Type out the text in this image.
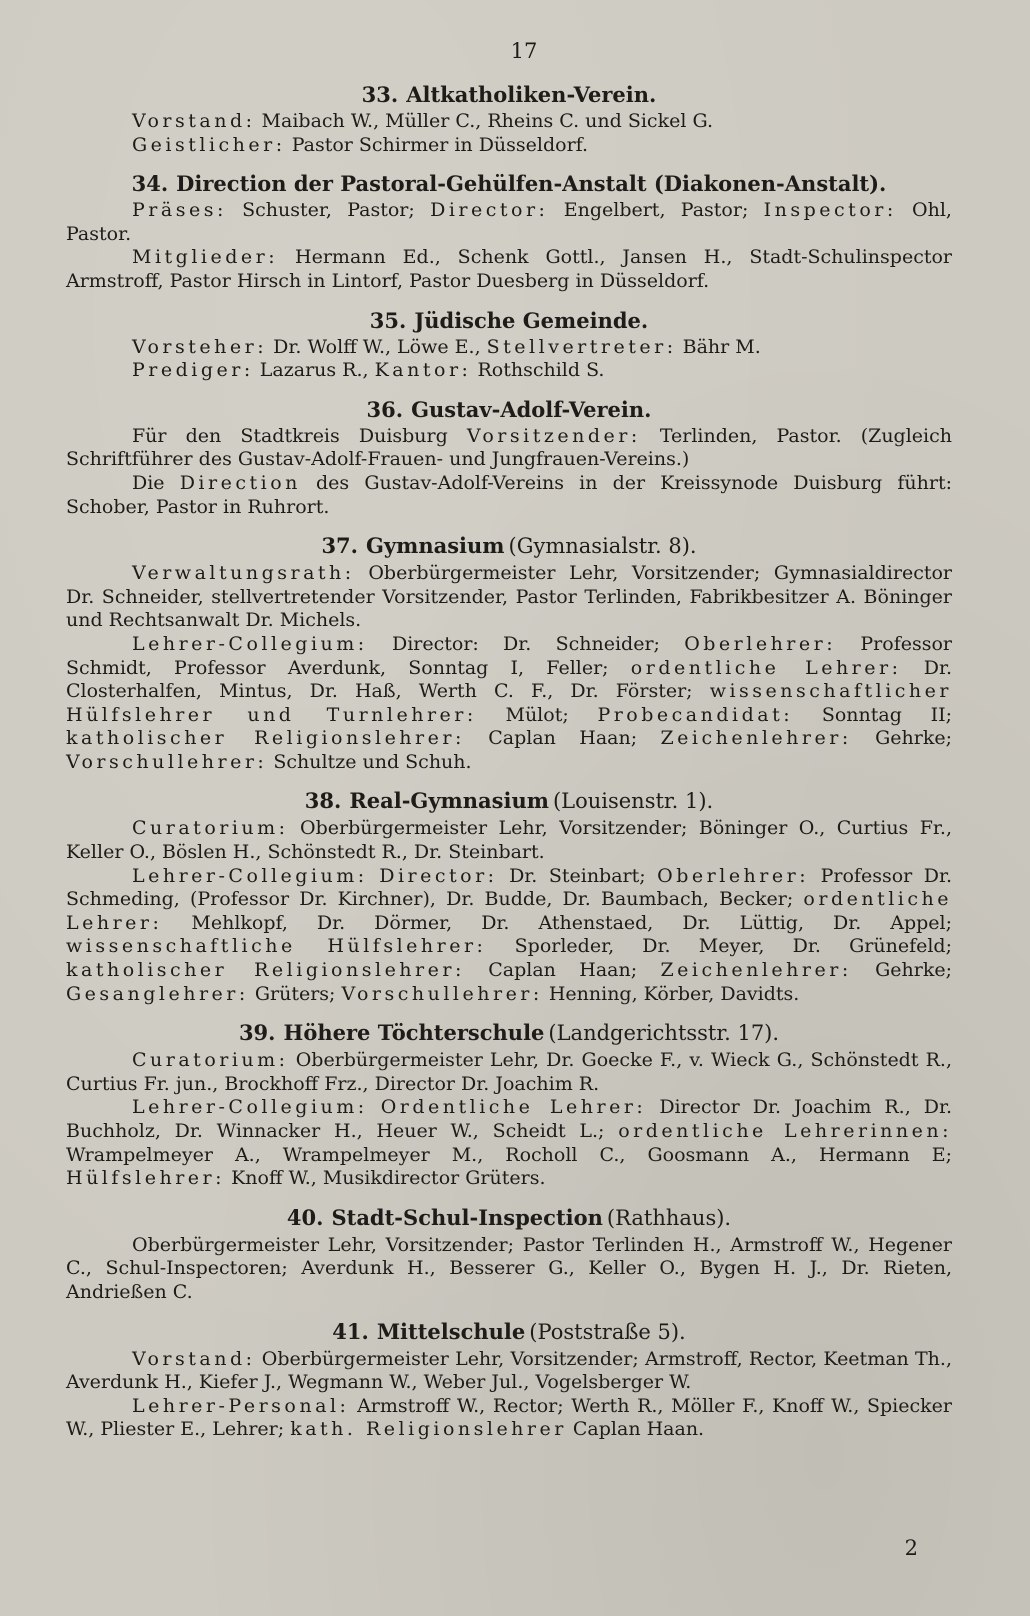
17
33. Altkatholiken-Verein.

Vorstand: Maibach W., Müller C., Rheins C. und Sickel G.

Geistlicher: Pastor Schirmer in Düsseldorf.

34. Direction der Pastoral-Gehülfen-Anstalt (Diakonen-Anstalt).

Präses: Schuster, Pastor; Director: Engelbert, Pastor; Inspector: Ohl, Pastor.

Mitglieder: Hermann Ed., Schenk Gottl., Jansen H., Stadt-Schulinspector Armstroff, Pastor Hirsch in Lintorf, Pastor Duesberg in Düsseldorf.

35. Jüdische Gemeinde.

Vorsteher: Dr. Wolff W., Löwe E., Stellvertreter: Bähr M.

Prediger: Lazarus R., Kantor: Rothschild S.

36. Gustav-Adolf-Verein.

Für den Stadtkreis Duisburg Vorsitzender: Terlinden, Pastor. (Zugleich Schriftführer des Gustav-Adolf-Frauen- und Jungfrauen-Vereins.)

Die Direction des Gustav-Adolf-Vereins in der Kreissynode Duisburg führt: Schober, Pastor in Ruhrort.

37. Gymnasium (Gymnasialstr. 8).

Verwaltungsrath: Oberbürgermeister Lehr, Vorsitzender; Gymnasialdirector Dr. Schneider, stellvertretender Vorsitzender, Pastor Terlinden, Fabrikbesitzer A. Böninger und Rechtsanwalt Dr. Michels.

Lehrer-Collegium: Director: Dr. Schneider; Oberlehrer: Professor Schmidt, Professor Averdunk, Sonntag I, Feller; ordentliche Lehrer: Dr. Closterhalfen, Mintus, Dr. Haß, Werth C. F., Dr. Förster; wissenschaftlicher Hülfslehrer und Turnlehrer: Mülot; Probecandidat: Sonntag II; katholischer Religionslehrer: Caplan Haan; Zeichenlehrer: Gehrke; Vorschullehrer: Schultze und Schuh.

38. Real-Gymnasium (Louisenstr. 1).

Curatorium: Oberbürgermeister Lehr, Vorsitzender; Böninger O., Curtius Fr., Keller O., Böslen H., Schönstedt R., Dr. Steinbart.

Lehrer-Collegium: Director: Dr. Steinbart; Oberlehrer: Professor Dr. Schmeding, (Professor Dr. Kirchner), Dr. Budde, Dr. Baumbach, Becker; ordentliche Lehrer: Mehlkopf, Dr. Dörmer, Dr. Athenstaed, Dr. Lüttig, Dr. Appel; wissenschaftliche Hülfslehrer: Sporleder, Dr. Meyer, Dr. Grünefeld; katholischer Religionslehrer: Caplan Haan; Zeichenlehrer: Gehrke; Gesanglehrer: Grüters; Vorschullehrer: Henning, Körber, Davidts.

39. Höhere Töchterschule (Landgerichtsstr. 17).

Curatorium: Oberbürgermeister Lehr, Dr. Goecke F., v. Wieck G., Schönstedt R., Curtius Fr. jun., Brockhoff Frz., Director Dr. Joachim R.

Lehrer-Collegium: Ordentliche Lehrer: Director Dr. Joachim R., Dr. Buchholz, Dr. Winnacker H., Heuer W., Scheidt L.; ordentliche Lehrerinnen: Wrampelmeyer A., Wrampelmeyer M., Rocholl C., Goosmann A., Hermann E; Hülfslehrer: Knoff W., Musikdirector Grüters.

40. Stadt-Schul-Inspection (Rathhaus).

Oberbürgermeister Lehr, Vorsitzender; Pastor Terlinden H., Armstroff W., Hegener C., Schul-Inspectoren; Averdunk H., Besserer G., Keller O., Bygen H. J., Dr. Rieten, Andrießen C.

41. Mittelschule (Poststraße 5).

Vorstand: Oberbürgermeister Lehr, Vorsitzender; Armstroff, Rector, Keetman Th., Averdunk H., Kiefer J., Wegmann W., Weber Jul., Vogelsberger W.

Lehrer-Personal: Armstroff W., Rector; Werth R., Möller F., Knoff W., Spiecker W., Pliester E., Lehrer; kath. Religionslehrer Caplan Haan.

2
